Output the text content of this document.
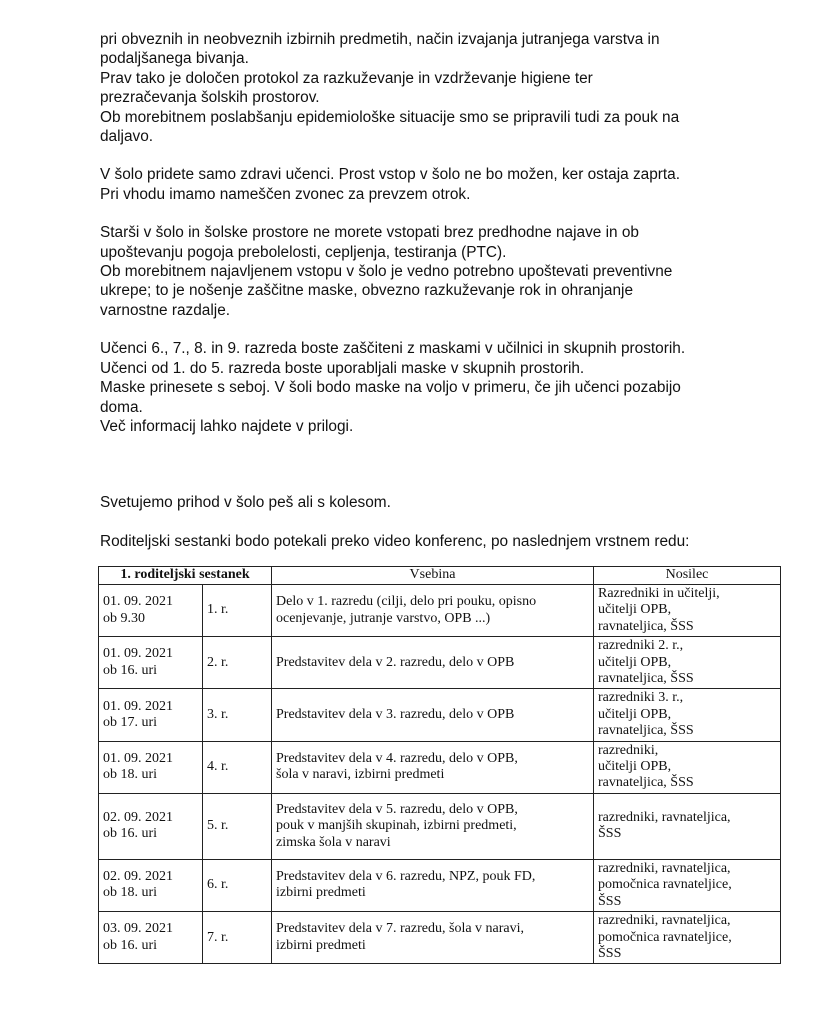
pri obveznih in neobveznih izbirnih predmetih, način izvajanja jutranjega varstva in
podaljšanega bivanja.

Prav tako je določen protokol za razkuževanje in vzdrževanje higiene ter
prezračevanja šolskih prostorov.

Ob morebitnem poslabšanju epidemiološke situacije smo se pripravili tudi za pouk na
daljavo.

V šolo pridete samo zdravi učenci. Prost vstop v šolo ne bo možen, ker ostaja zaprta.
Pri vhodu imamo nameščen zvonec za prevzem otrok.

Starši v šolo in šolske prostore ne morete vstopati brez predhodne najave in ob
upoštevanju pogoja prebolelosti, cepljenja, testiranja (PTC).

Ob morebitnem najavljenem vstopu v šolo je vedno potrebno upoštevati preventivne
ukrepe; to je nošenje zaščitne maske, obvezno razkuževanje rok in ohranjanje
varnostne razdalje.

Učenci 6., 7., 8. in 9. razreda boste zaščiteni z maskami v učilnici in skupnih prostorih.
Učenci od 1. do 5. razreda boste uporabljali maske v skupnih prostorih.
Maske prinesete s seboj. V šoli bodo maske na voljo v primeru, če jih učenci pozabijo
doma.
Več informacij lahko najdete v prilogi.

Svetujemo prihod v šolo peš ali s kolesom.

Roditeljski sestanki bodo potekali preko video konferenc, po naslednjem vrstnem redu:

1. roditeljski sestanek		Vsebina	Nosilec

01. 09. 2021
ob 9.30	1. r.	Delo v 1. razredu (cilji, delo pri pouku, opisno
ocenjevanje, jutranje varstvo, OPB ...)	Razredniki in učitelji,
učitelji OPB,
ravnateljica, ŠSS

01. 09. 2021
ob 16. uri	2. r.	Predstavitev dela v 2. razredu, delo v OPB	razredniki 2. r.,
učitelji OPB,
ravnateljica, ŠSS

01. 09. 2021
ob 17. uri	3. r.	Predstavitev dela v 3. razredu, delo v OPB	razredniki 3. r.,
učitelji OPB,
ravnateljica, ŠSS

01. 09. 2021
ob 18. uri	4. r.	Predstavitev dela v 4. razredu, delo v OPB,
šola v naravi, izbirni predmeti	razredniki,
učitelji OPB,
ravnateljica, ŠSS

02. 09. 2021
ob 16. uri	5. r.	Predstavitev dela v 5. razredu, delo v OPB,
pouk v manjših skupinah, izbirni predmeti,
zimska šola v naravi	razredniki, ravnateljica,
ŠSS

02. 09. 2021
ob 18. uri	6. r.	Predstavitev dela v 6. razredu, NPZ, pouk FD,
izbirni predmeti	razredniki, ravnateljica,
pomočnica ravnateljice,
ŠSS

03. 09. 2021
ob 16. uri	7. r.	Predstavitev dela v 7. razredu, šola v naravi,
izbirni predmeti	razredniki, ravnateljica,
pomočnica ravnateljice,
ŠSS
